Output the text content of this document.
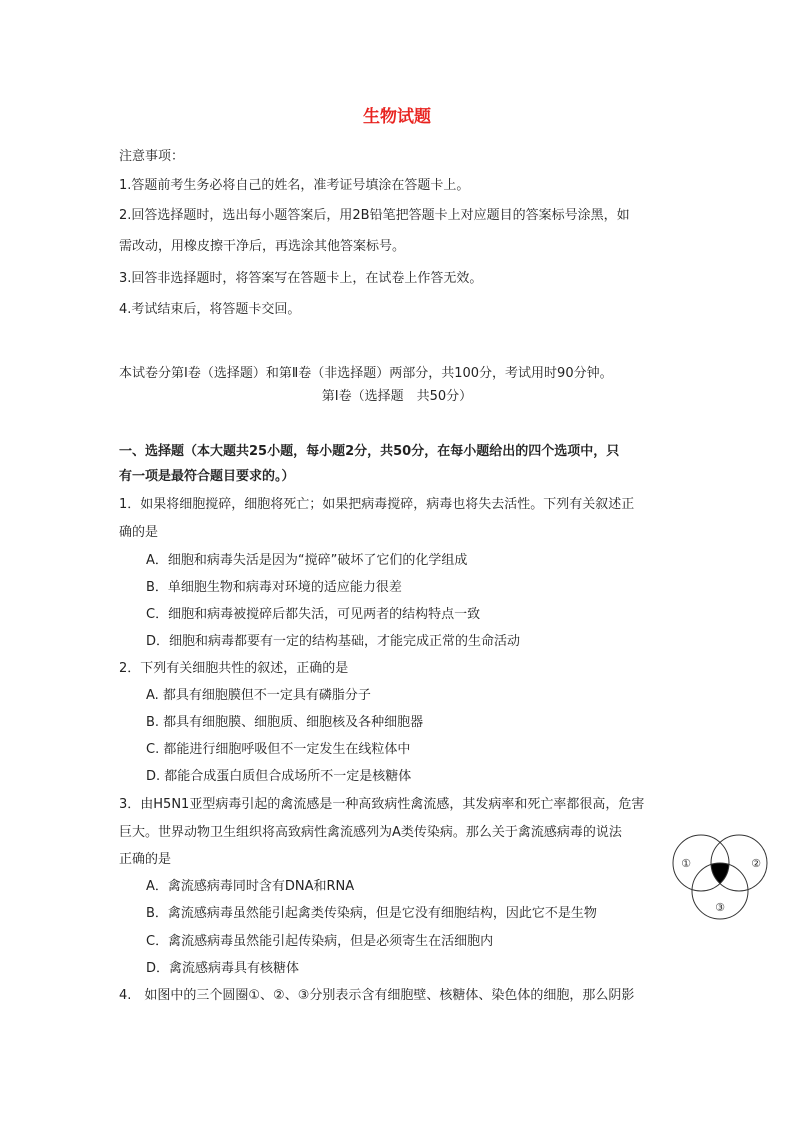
生物试题
注意事项：
1.答题前考生务必将自己的姓名，准考证号填涂在答题卡上。
2.回答选择题时，选出每小题答案后，用2B铅笔把答题卡上对应题目的答案标号涂黑，如
需改动，用橡皮擦干净后，再选涂其他答案标号。
3.回答非选择题时，将答案写在答题卡上，在试卷上作答无效。
4.考试结束后，将答题卡交回。
本试卷分第Ⅰ卷（选择题）和第Ⅱ卷（非选择题）两部分，共100分，考试用时90分钟。
第Ⅰ卷（选择题　共50分）
一、选择题（本大题共25小题，每小题2分，共50分，在每小题给出的四个选项中，只
有一项是最符合题目要求的。）
1．如果将细胞搅碎，细胞将死亡；如果把病毒搅碎，病毒也将失去活性。下列有关叙述正
确的是
A．细胞和病毒失活是因为“搅碎”破坏了它们的化学组成
B．单细胞生物和病毒对环境的适应能力很差
C．细胞和病毒被搅碎后都失活，可见两者的结构特点一致
D．细胞和病毒都要有一定的结构基础，才能完成正常的生命活动
2．下列有关细胞共性的叙述，正确的是
A. 都具有细胞膜但不一定具有磷脂分子
B. 都具有细胞膜、细胞质、细胞核及各种细胞器
C. 都能进行细胞呼吸但不一定发生在线粒体中
D. 都能合成蛋白质但合成场所不一定是核糖体
3．由H5N1亚型病毒引起的禽流感是一种高致病性禽流感，其发病率和死亡率都很高，危害
巨大。世界动物卫生组织将高致病性禽流感列为A类传染病。那么关于禽流感病毒的说法
正确的是
A．禽流感病毒同时含有DNA和RNA
B．禽流感病毒虽然能引起禽类传染病，但是它没有细胞结构，因此它不是生物
C．禽流感病毒虽然能引起传染病，但是必须寄生在活细胞内
D．禽流感病毒具有核糖体
4.　如图中的三个圆圈①、②、③分别表示含有细胞壁、核糖体、染色体的细胞，那么阴影
①	②
③
